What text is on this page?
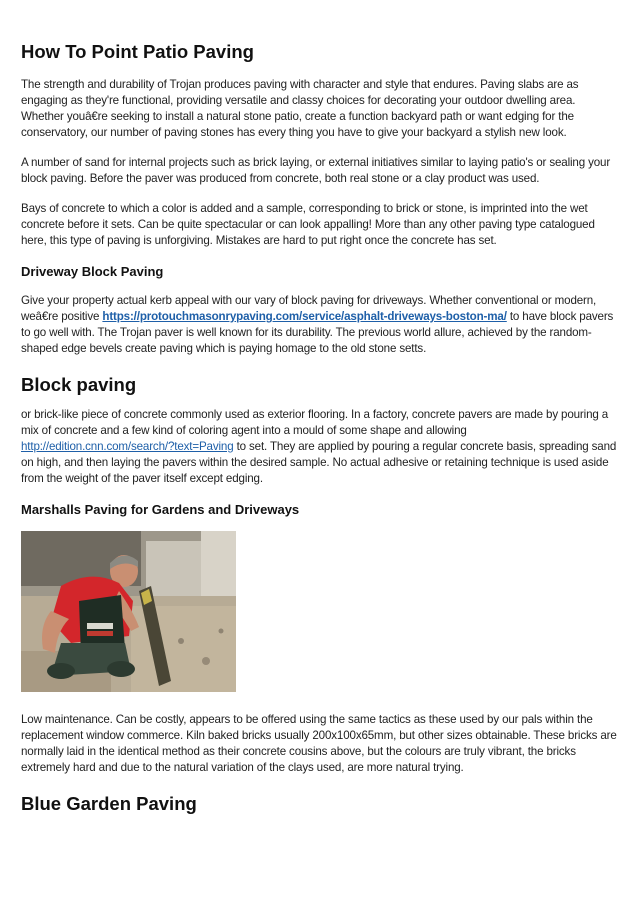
How To Point Patio Paving

The strength and durability of Trojan produces paving with character and style that endures. Paving slabs are as engaging as they're functional, providing versatile and classy choices for decorating your outdoor dwelling area. Whether youâ€re seeking to install a natural stone patio, create a function backyard path or want edging for the conservatory, our number of paving stones has every thing you have to give your backyard a stylish new look.

A number of sand for internal projects such as brick laying, or external initiatives similar to laying patio's or sealing your block paving. Before the paver was produced from concrete, both real stone or a clay product was used.

Bays of concrete to which a color is added and a sample, corresponding to brick or stone, is imprinted into the wet concrete before it sets. Can be quite spectacular or can look appalling! More than any other paving type catalogued here, this type of paving is unforgiving. Mistakes are hard to put right once the concrete has set.

Driveway Block Paving

Give your property actual kerb appeal with our vary of block paving for driveways. Whether conventional or modern, weâ€re positive https://protouchmasonrypaving.com/service/asphalt-driveways-boston-ma/ to have block pavers to go well with. The Trojan paver is well known for its durability. The previous world allure, achieved by the random-shaped edge bevels create paving which is paying homage to the old stone setts.

Block paving

or brick-like piece of concrete commonly used as exterior flooring. In a factory, concrete pavers are made by pouring a mix of concrete and a few kind of coloring agent into a mould of some shape and allowing http://edition.cnn.com/search/?text=Paving to set. They are applied by pouring a regular concrete basis, spreading sand on high, and then laying the pavers within the desired sample. No actual adhesive or retaining technique is used aside from the weight of the paver itself except edging.

Marshalls Paving for Gardens and Driveways

Low maintenance. Can be costly, appears to be offered using the same tactics as these used by our pals within the replacement window commerce. Kiln baked bricks usually 200x100x65mm, but other sizes obtainable. These bricks are normally laid in the identical method as their concrete cousins above, but the colours are truly vibrant, the bricks extremely hard and due to the natural variation of the clays used, are more natural trying.

Blue Garden Paving
